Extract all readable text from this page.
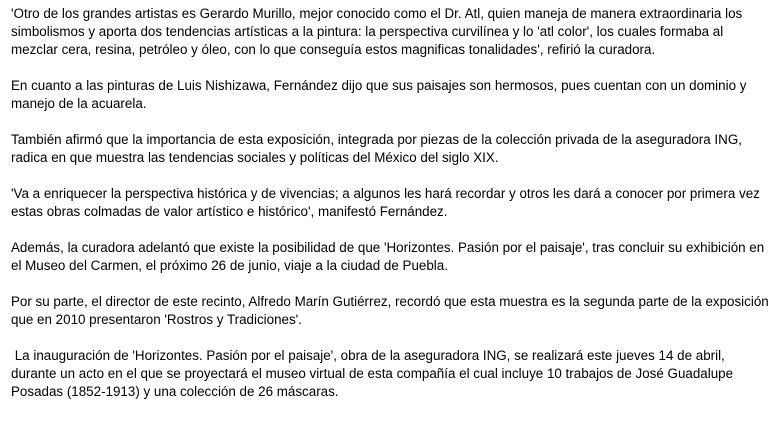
'Otro de los grandes artistas es Gerardo Murillo, mejor conocido como el Dr. Atl, quien maneja de manera extraordinaria los simbolismos y aporta dos tendencias artísticas a la pintura: la perspectiva curvilínea y lo 'atl color', los cuales formaba al mezclar cera, resina, petróleo y óleo, con lo que conseguía estos magnificas tonalidades', refirió la curadora.

En cuanto a las pinturas de Luis Nishizawa, Fernández dijo que sus paisajes son hermosos, pues cuentan con un dominio y manejo de la acuarela.

También afirmó que la importancia de esta exposición, integrada por piezas de la colección privada de la aseguradora ING, radica en que muestra las tendencias sociales y políticas del México del siglo XIX.

'Va a enriquecer la perspectiva histórica y de vivencias; a algunos les hará recordar y otros les dará a conocer por primera vez estas obras colmadas de valor artístico e histórico', manifestó Fernández.

Además, la curadora adelantó que existe la posibilidad de que 'Horizontes. Pasión por el paisaje', tras concluir su exhibición en el Museo del Carmen, el próximo 26 de junio, viaje a la ciudad de Puebla.

Por su parte, el director de este recinto, Alfredo Marín Gutiérrez, recordó que esta muestra es la segunda parte de la exposición que en 2010 presentaron 'Rostros y Tradiciones'.

La inauguración de 'Horizontes. Pasión por el paisaje', obra de la aseguradora ING, se realizará este jueves 14 de abril, durante un acto en el que se proyectará el museo virtual de esta compañía el cual incluye 10 trabajos de José Guadalupe Posadas (1852-1913) y una colección de 26 máscaras.
